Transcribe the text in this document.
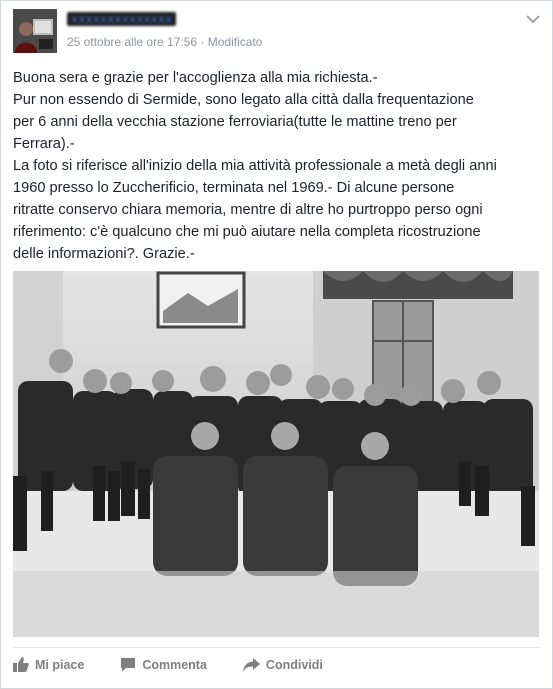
xxxxxxxxxxxxxx
25 ottobre alle ore 17:56 · Modificato
Buona sera e grazie per l'accoglienza alla mia richiesta.-
Pur non essendo di Sermide, sono legato alla città dalla frequentazione
per 6 anni della vecchia stazione ferroviaria(tutte le mattine treno per
Ferrara).-
La foto si riferisce all'inizio della mia attività professionale a metà degli anni
1960 presso lo Zuccherificio, terminata nel 1969.- Di alcune persone
ritratte conservo chiara memoria, mentre di altre ho purtroppo perso ogni
riferimento: c'è qualcuno che mi può aiutare nella completa ricostruzione
delle informazioni?. Grazie.-
Mi piace	Commenta	Condividi
